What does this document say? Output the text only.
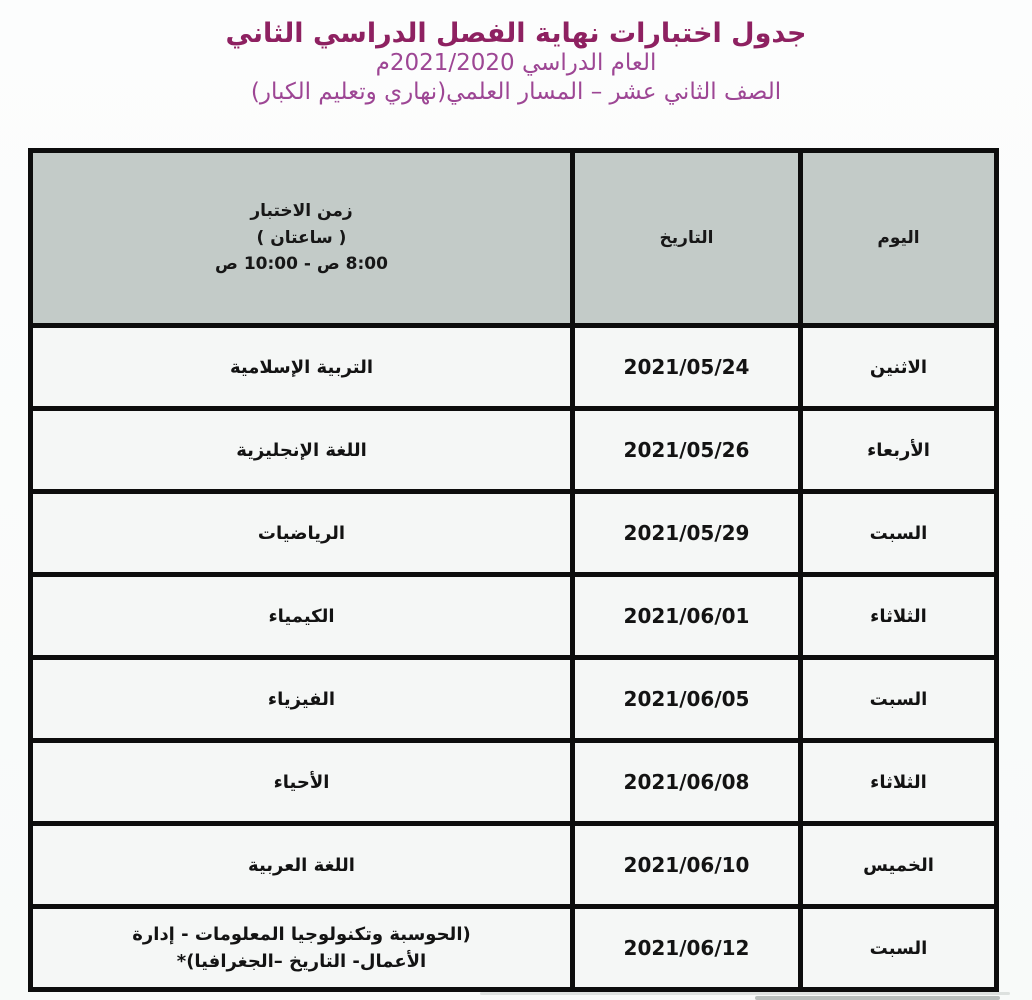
جدول اختبارات نهاية الفصل الدراسي الثاني
العام الدراسي 2021/2020م
الصف الثاني عشر – المسار العلمي(نهاري وتعليم الكبار)
اليوم	التاريخ	زمن الاختبار
( ساعتان )
8:00 ص - 10:00 ص

الاثنين	2021/05/24	التربية الإسلامية
الأربعاء	2021/05/26	اللغة الإنجليزية
السبت	2021/05/29	الرياضيات
الثلاثاء	2021/06/01	الكيمياء
السبت	2021/06/05	الفيزياء
الثلاثاء	2021/06/08	الأحياء
الخميس	2021/06/10	اللغة العربية
السبت	2021/06/12	(الحوسبة وتكنولوجيا المعلومات - إدارة الأعمال- التاريخ –الجغرافيا)*
